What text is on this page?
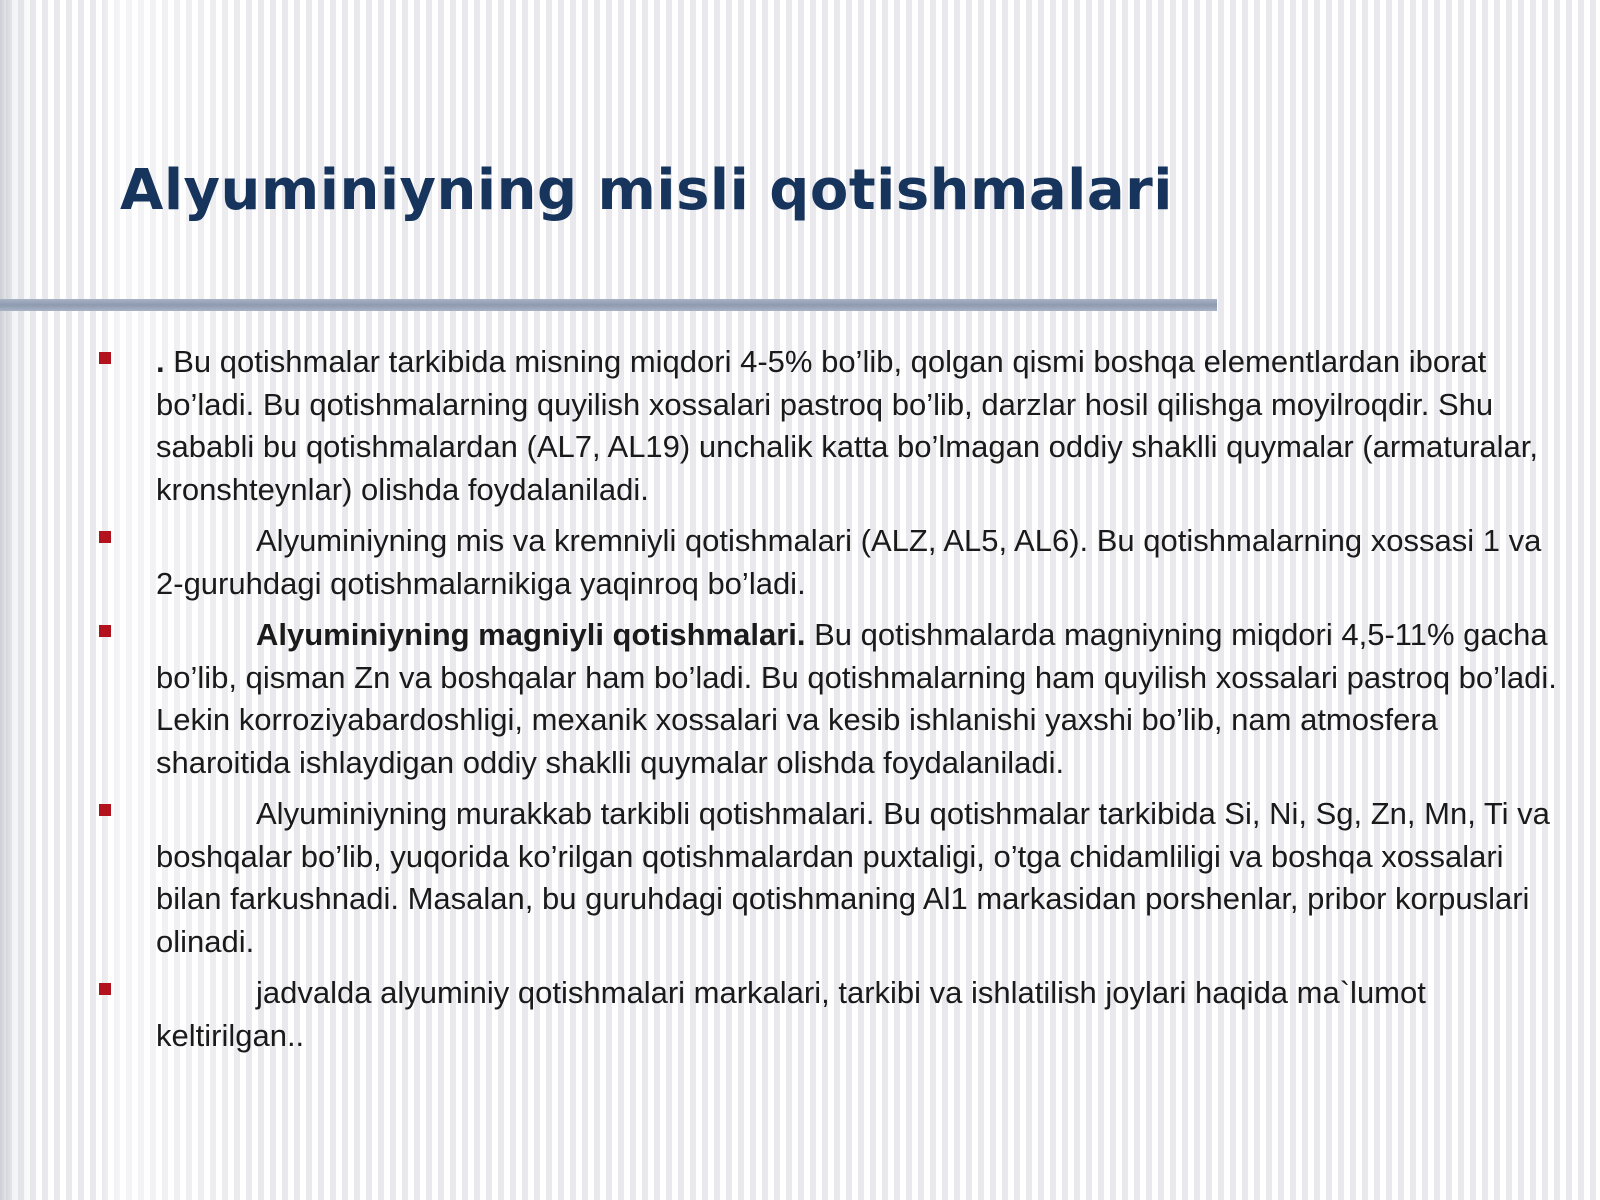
Alyuminiyning misli qotishmalari
. Bu qotishmalar tarkibida misning miqdori 4-5% bo’lib, qolgan qismi boshqa elementlardan iborat bo’ladi. Bu qotishmalarning quyilish xossalari pastroq bo’lib, darzlar hosil qilishga moyilroqdir. Shu sababli bu qotishmalardan (AL7, AL19) unchalik katta bo’lmagan oddiy shaklli quymalar (armaturalar, kronshteynlar) olishda foydalaniladi.
Alyuminiyning mis va kremniyli qotishmalari (ALZ, AL5, AL6). Bu qotishmalarning xossasi 1 va 2-guruhdagi qotishmalarnikiga yaqinroq bo’ladi.
Alyuminiyning magniyli qotishmalari. Bu qotishmalarda magniyning miqdori 4,5-11% gacha bo’lib, qisman Zn va boshqalar ham bo’ladi. Bu qotishmalarning ham quyilish xossalari pastroq bo’ladi. Lekin korroziyabardoshligi, mexanik xossalari va kesib ishlanishi yaxshi bo’lib, nam atmosfera sharoitida ishlaydigan oddiy shaklli quymalar olishda foydalaniladi.
Alyuminiyning murakkab tarkibli qotishmalari. Bu qotishmalar tarkibida Si, Ni, Sg, Zn, Mn, Ti va boshqalar bo’lib, yuqorida ko’rilgan qotishmalardan puxtaligi, o’tga chidamliligi va boshqa xossalari bilan farkushnadi. Masalan, bu guruhdagi qotishmaning Al1 markasidan porshenlar, pribor korpuslari olinadi.
jadvalda alyuminiy qotishmalari markalari, tarkibi va ishlatilish joylari haqida ma`lumot keltirilgan..
